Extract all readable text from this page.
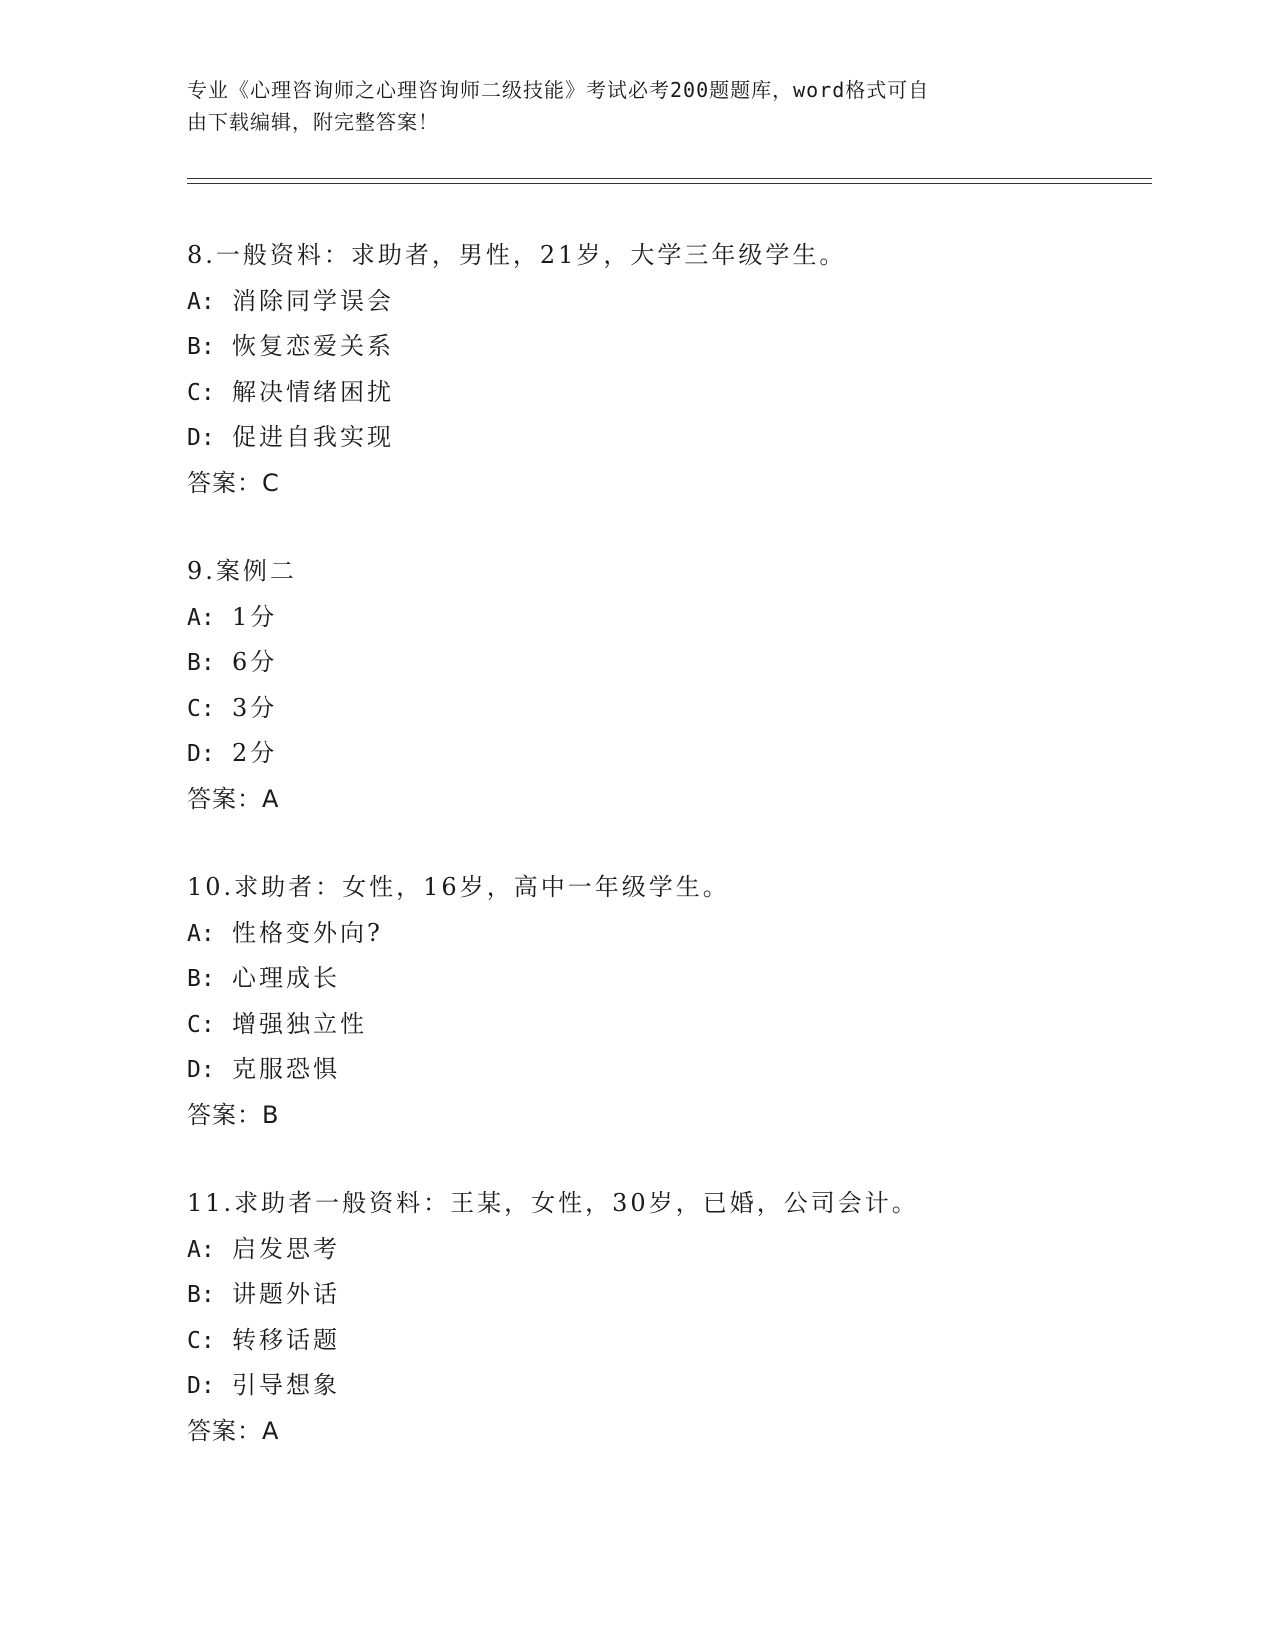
专业《心理咨询师之心理咨询师二级技能》考试必考200题题库，word格式可自
由下载编辑，附完整答案！
8.一般资料：求助者，男性，21岁，大学三年级学生。
A: 消除同学误会
B: 恢复恋爱关系
C: 解决情绪困扰
D: 促进自我实现
答案：C
9.案例二
A: 1分
B: 6分
C: 3分
D: 2分
答案：A
10.求助者：女性，16岁，高中一年级学生。
A: 性格变外向?
B: 心理成长
C: 增强独立性
D: 克服恐惧
答案：B
11.求助者一般资料：王某，女性，30岁，已婚，公司会计。
A: 启发思考
B: 讲题外话
C: 转移话题
D: 引导想象
答案：A
